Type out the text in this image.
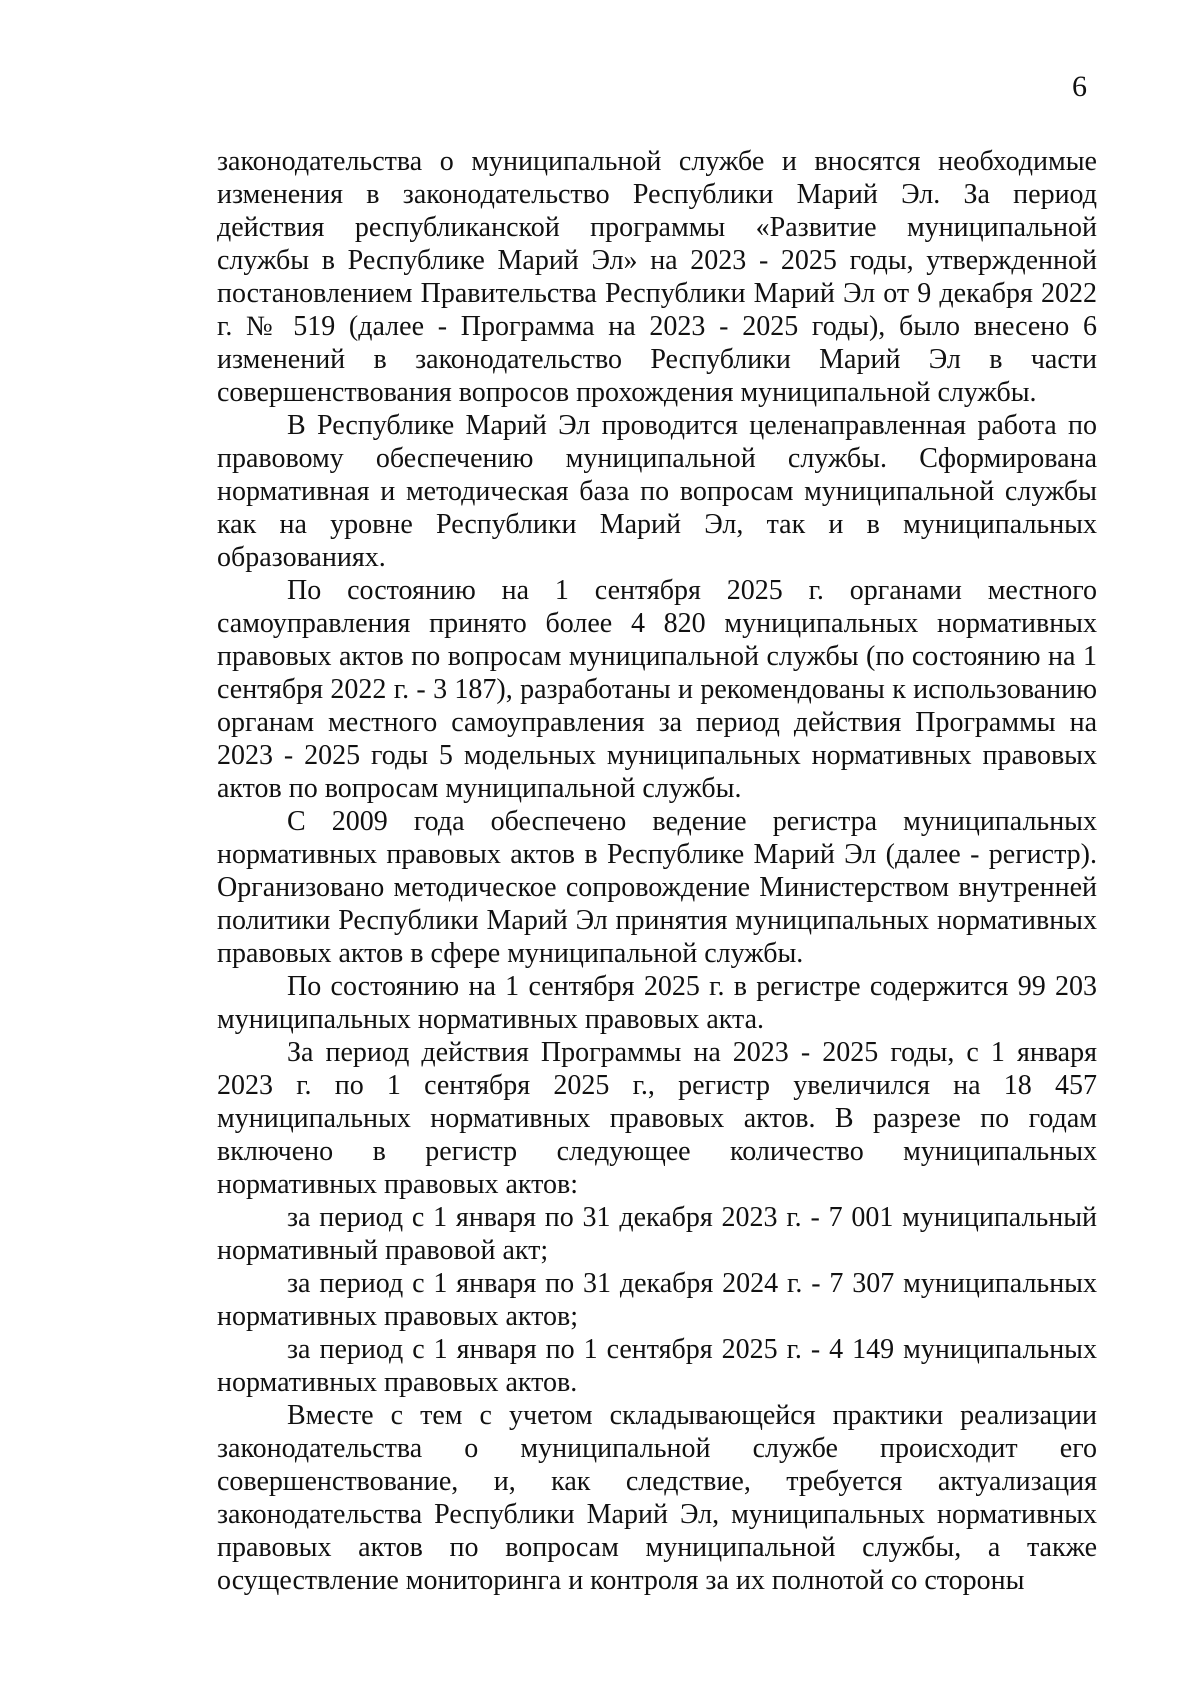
6

законодательства о муниципальной службе и вносятся необходимые изменения в законодательство Республики Марий Эл. За период действия республиканской программы «Развитие муниципальной службы в Республике Марий Эл» на 2023 - 2025 годы, утвержденной постановлением Правительства Республики Марий Эл от 9 декабря 2022 г. № 519 (далее - Программа на 2023 - 2025 годы), было внесено 6 изменений в законодательство Республики Марий Эл в части совершенствования вопросов прохождения муниципальной службы.

В Республике Марий Эл проводится целенаправленная работа по правовому обеспечению муниципальной службы. Сформирована нормативная и методическая база по вопросам муниципальной службы как на уровне Республики Марий Эл, так и в муниципальных образованиях.

По состоянию на 1 сентября 2025 г. органами местного самоуправления принято более 4 820 муниципальных нормативных правовых актов по вопросам муниципальной службы (по состоянию на 1 сентября 2022 г. - 3 187), разработаны и рекомендованы к использованию органам местного самоуправления за период действия Программы на 2023 - 2025 годы 5 модельных муниципальных нормативных правовых актов по вопросам муниципальной службы.

С 2009 года обеспечено ведение регистра муниципальных нормативных правовых актов в Республике Марий Эл (далее - регистр). Организовано методическое сопровождение Министерством внутренней политики Республики Марий Эл принятия муниципальных нормативных правовых актов в сфере муниципальной службы.

По состоянию на 1 сентября 2025 г. в регистре содержится 99 203 муниципальных нормативных правовых акта.

За период действия Программы на 2023 - 2025 годы, с 1 января 2023 г. по 1 сентября 2025 г., регистр увеличился на 18 457 муниципальных нормативных правовых актов. В разрезе по годам включено в регистр следующее количество муниципальных нормативных правовых актов:

за период с 1 января по 31 декабря 2023 г. - 7 001 муниципальный нормативный правовой акт;

за период с 1 января по 31 декабря 2024 г. - 7 307 муниципальных нормативных правовых актов;

за период с 1 января по 1 сентября 2025 г. - 4 149 муниципальных нормативных правовых актов.

Вместе с тем с учетом складывающейся практики реализации законодательства о муниципальной службе происходит его совершенствование, и, как следствие, требуется актуализация законодательства Республики Марий Эл, муниципальных нормативных правовых актов по вопросам муниципальной службы, а также осуществление мониторинга и контроля за их полнотой со стороны
